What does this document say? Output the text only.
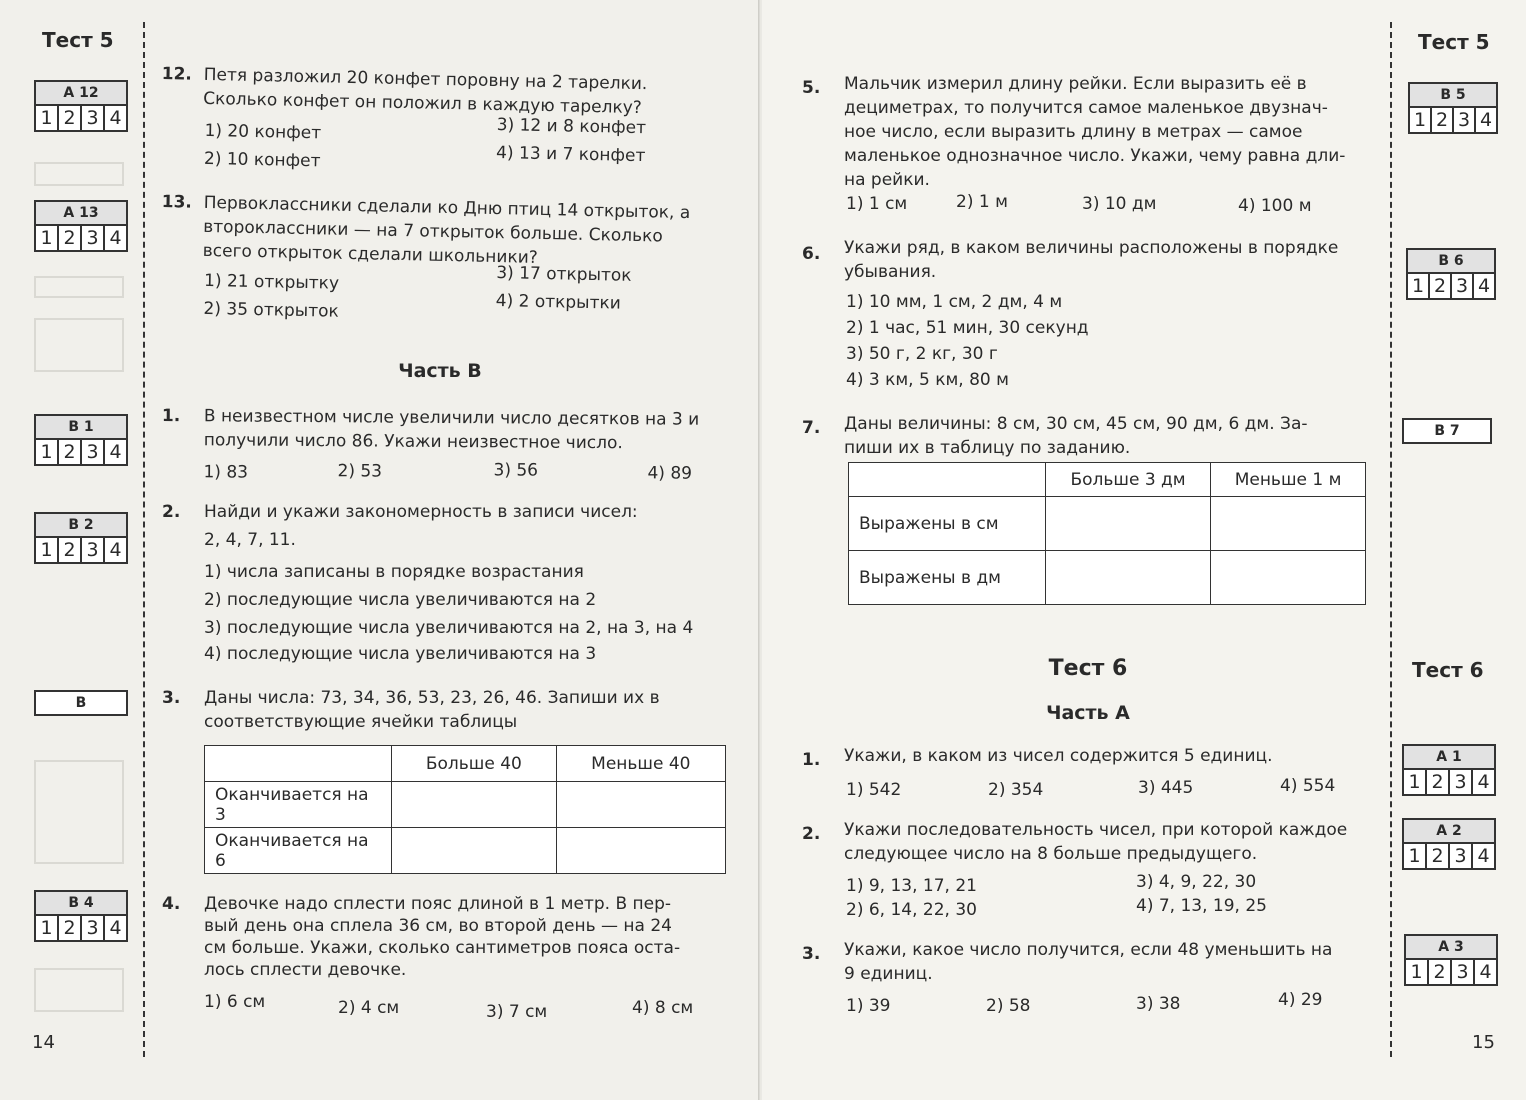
Тест 5
А 12
1 2 3 4
А 13
1 2 3 4
В 1
1 2 3 4
В 2
1 2 3 4
В
В 4
1 2 3 4
12. Петя разложил 20 конфет поровну на 2 тарелки.

Сколько конфет он положил в каждую тарелку?

1) 20 конфет
2) 10 конфет
3) 12 и 8 конфет
4) 13 и 7 конфет
13. Первоклассники сделали ко Дню птиц 14 открыток, а

второклассники — на 7 открыток больше. Сколько

всего открыток сделали школьники?

1) 21 открытку
2) 35 открыток
3) 17 открыток
4) 2 открытки
Часть В
1. В неизвестном числе увеличили число десятков на 3 и

получили число 86. Укажи неизвестное число.

1) 83	2) 53	3) 56	4) 89
2. Найди и укажи закономерность в записи чисел:

2, 4, 7, 11.

1) числа записаны в порядке возрастания
2) последующие числа увеличиваются на 2
3) последующие числа увеличиваются на 2, на 3, на 4
4) последующие числа увеличиваются на 3
3. Даны числа: 73, 34, 36, 53, 23, 26, 46. Запиши их в

соответствующие ячейки таблицы

	Больше 40	Меньше 40
Оканчивается на 3		
Оканчивается на 6		
4. Девочке надо сплести пояс длиной в 1 метр. В пер-

вый день она сплела 36 см, во второй день — на 24

см больше. Укажи, сколько сантиметров пояса оста-

лось сплести девочке.

1) 6 см	2) 4 см	3) 7 см	4) 8 см
14
Тест 5
В 5
1 2 3 4
В 6
1 2 3 4
В 7
Тест 6
А 1
1 2 3 4
А 2
1 2 3 4
А 3
1 2 3 4
5. Мальчик измерил длину рейки. Если выразить её в

дециметрах, то получится самое маленькое двузнач-

ное число, если выразить длину в метрах — самое

маленькое однозначное число. Укажи, чему равна дли-

на рейки.

1) 1 см	2) 1 м	3) 10 дм	4) 100 м
6. Укажи ряд, в каком величины расположены в порядке

убывания.

1) 10 мм, 1 см, 2 дм, 4 м
2) 1 час, 51 мин, 30 секунд
3) 50 г, 2 кг, 30 г
4) 3 км, 5 км, 80 м
7. Даны величины: 8 см, 30 см, 45 см, 90 дм, 6 дм. За-

пиши их в таблицу по заданию.

	Больше 3 дм	Меньше 1 м
Выражены в см		
Выражены в дм		
Тест 6
Часть А
1. Укажи, в каком из чисел содержится 5 единиц.

1) 542	2) 354	3) 445	4) 554
2. Укажи последовательность чисел, при которой каждое

следующее число на 8 больше предыдущего.

1) 9, 13, 17, 21
2) 6, 14, 22, 30
3) 4, 9, 22, 30
4) 7, 13, 19, 25
3. Укажи, какое число получится, если 48 уменьшить на

9 единиц.

1) 39	2) 58	3) 38	4) 29
15
